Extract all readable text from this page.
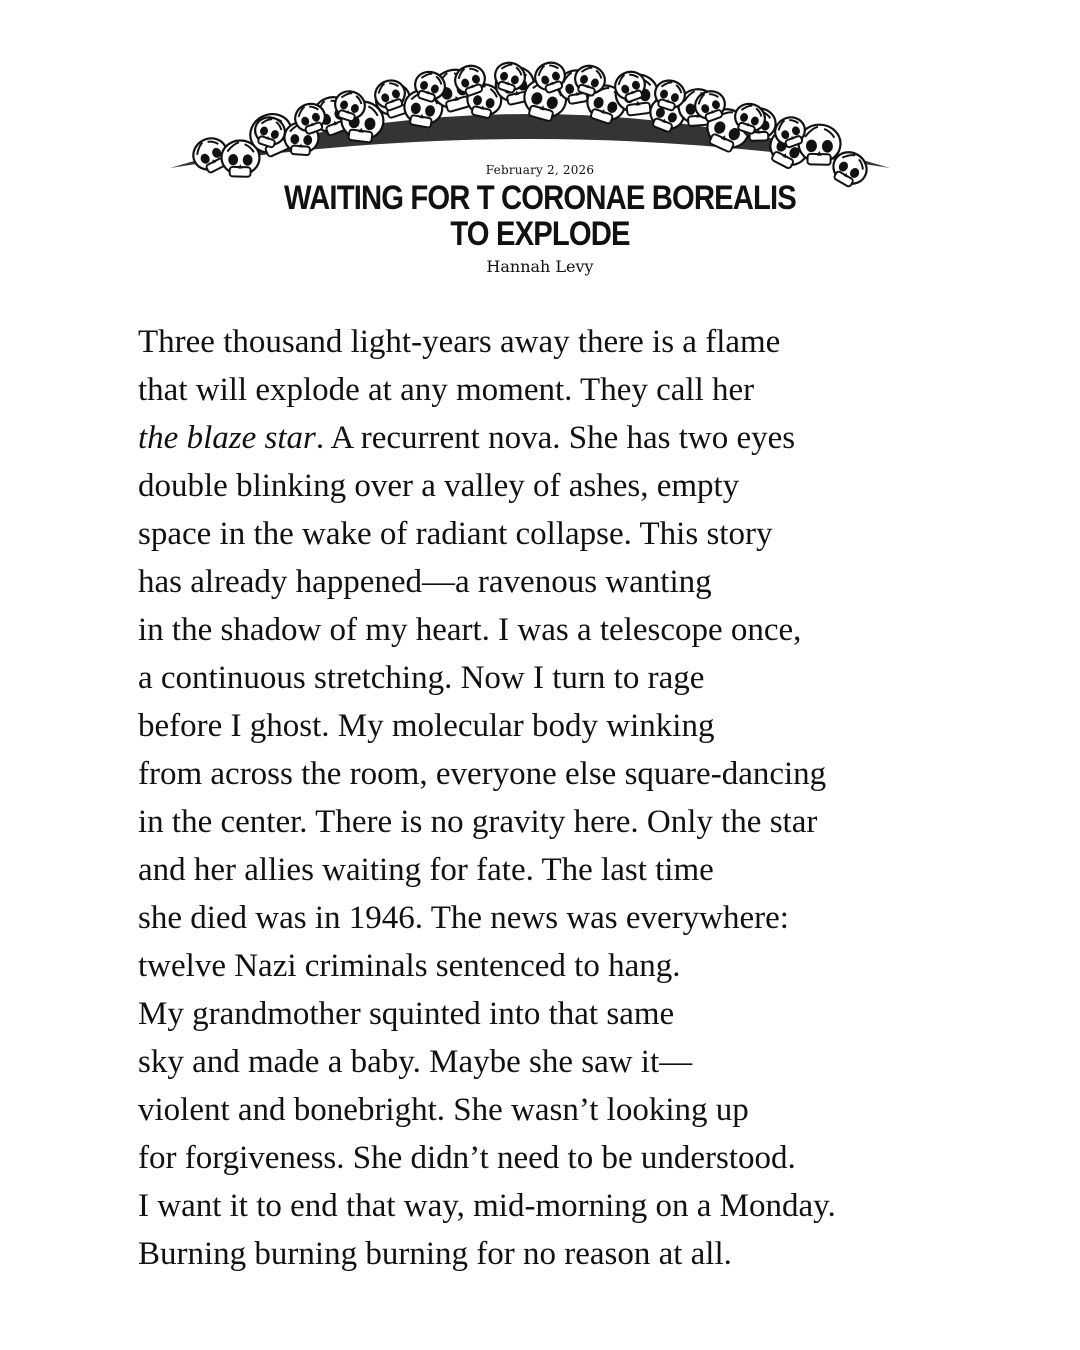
February 2, 2026
WAITING FOR T CORONAE BOREALIS
TO EXPLODE
Hannah Levy
Three thousand light-years away there is a flame
that will explode at any moment. They call her
the blaze star. A recurrent nova. She has two eyes
double blinking over a valley of ashes, empty
space in the wake of radiant collapse. This story
has already happened—a ravenous wanting
in the shadow of my heart. I was a telescope once,
a continuous stretching. Now I turn to rage
before I ghost. My molecular body winking
from across the room, everyone else square-dancing
in the center. There is no gravity here. Only the star
and her allies waiting for fate. The last time
she died was in 1946. The news was everywhere:
twelve Nazi criminals sentenced to hang.
My grandmother squinted into that same
sky and made a baby. Maybe she saw it—
violent and bonebright. She wasn’t looking up
for forgiveness. She didn’t need to be understood.
I want it to end that way, mid-morning on a Monday.
Burning burning burning for no reason at all.
